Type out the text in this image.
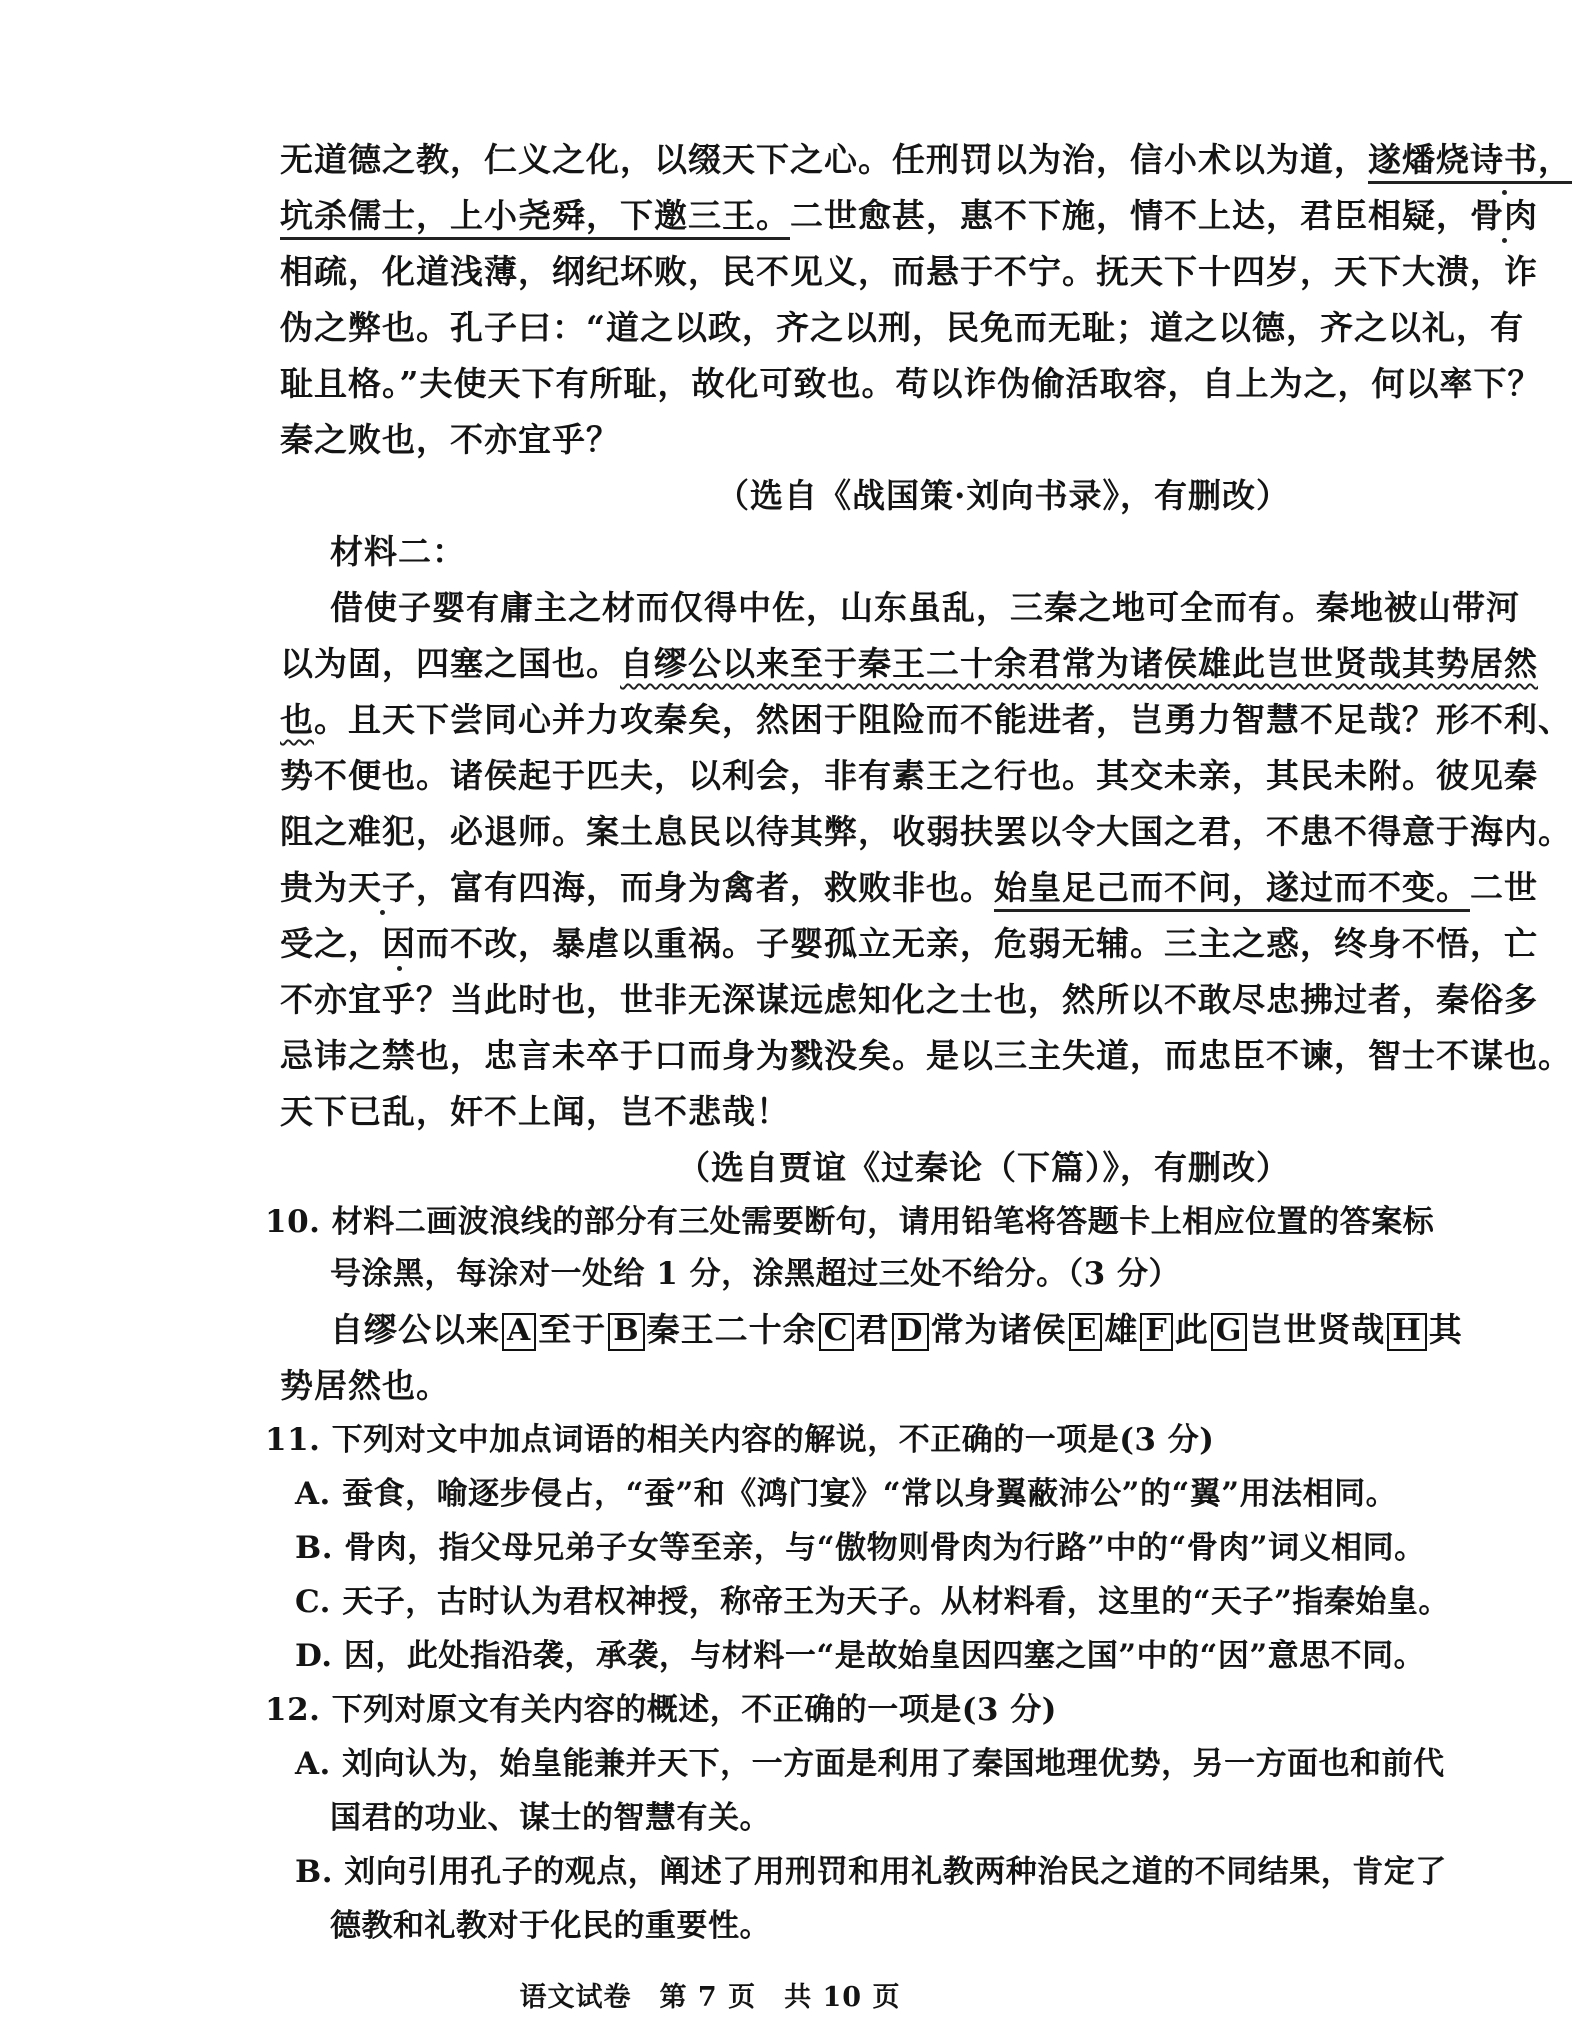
无道德之教，仁义之化，以缀天下之心。任刑罚以为治，信小术以为道，遂燔烧诗书，
坑杀儒士，上小尧舜，下邀三王。二世愈甚，惠不下施，情不上达，君臣相疑，骨肉
相疏，化道浅薄，纲纪坏败，民不见义，而悬于不宁。抚天下十四岁，天下大溃，诈
伪之弊也。孔子曰：“道之以政，齐之以刑，民免而无耻；道之以德，齐之以礼，有
耻且格。”夫使天下有所耻，故化可致也。苟以诈伪偷活取容，自上为之，何以率下？
秦之败也，不亦宜乎？
（选自《战国策·刘向书录》，有删改）
材料二：
借使子婴有庸主之材而仅得中佐，山东虽乱，三秦之地可全而有。秦地被山带河
以为固，四塞之国也。自缪公以来至于秦王二十余君常为诸侯雄此岂世贤哉其势居然
也。且天下尝同心并力攻秦矣，然困于阻险而不能进者，岂勇力智慧不足哉？形不利、
势不便也。诸侯起于匹夫，以利会，非有素王之行也。其交未亲，其民未附。彼见秦
阻之难犯，必退师。案土息民以待其弊，收弱扶罢以令大国之君，不患不得意于海内。
贵为天子，富有四海，而身为禽者，救败非也。始皇足己而不问，遂过而不变。二世
受之，因而不改，暴虐以重祸。子婴孤立无亲，危弱无辅。三主之惑，终身不悟，亡
不亦宜乎？当此时也，世非无深谋远虑知化之士也，然所以不敢尽忠拂过者，秦俗多
忌讳之禁也，忠言未卒于口而身为戮没矣。是以三主失道，而忠臣不谏，智士不谋也。
天下已乱，奸不上闻，岂不悲哉！
（选自贾谊《过秦论（下篇）》，有删改）
10. 材料二画波浪线的部分有三处需要断句，请用铅笔将答题卡上相应位置的答案标
号涂黑，每涂对一处给 1 分，涂黑超过三处不给分。（3 分）
自缪公以来 A 至于 B 秦王二十余 C 君 D 常为诸侯 E 雄 F 此 G 岂世贤哉 H 其
势居然也。
11. 下列对文中加点词语的相关内容的解说，不正确的一项是(3 分)
A. 蚕食，喻逐步侵占，“蚕”和《鸿门宴》“常以身翼蔽沛公”的“翼”用法相同。
B. 骨肉，指父母兄弟子女等至亲，与“傲物则骨肉为行路”中的“骨肉”词义相同。
C. 天子，古时认为君权神授，称帝王为天子。从材料看，这里的“天子”指秦始皇。
D. 因，此处指沿袭，承袭，与材料一“是故始皇因四塞之国”中的“因”意思不同。
12. 下列对原文有关内容的概述，不正确的一项是(3 分)
A. 刘向认为，始皇能兼并天下，一方面是利用了秦国地理优势，另一方面也和前代
国君的功业、谋士的智慧有关。
B. 刘向引用孔子的观点，阐述了用刑罚和用礼教两种治民之道的不同结果，肯定了
德教和礼教对于化民的重要性。
语文试卷　第 7 页　共 10 页
